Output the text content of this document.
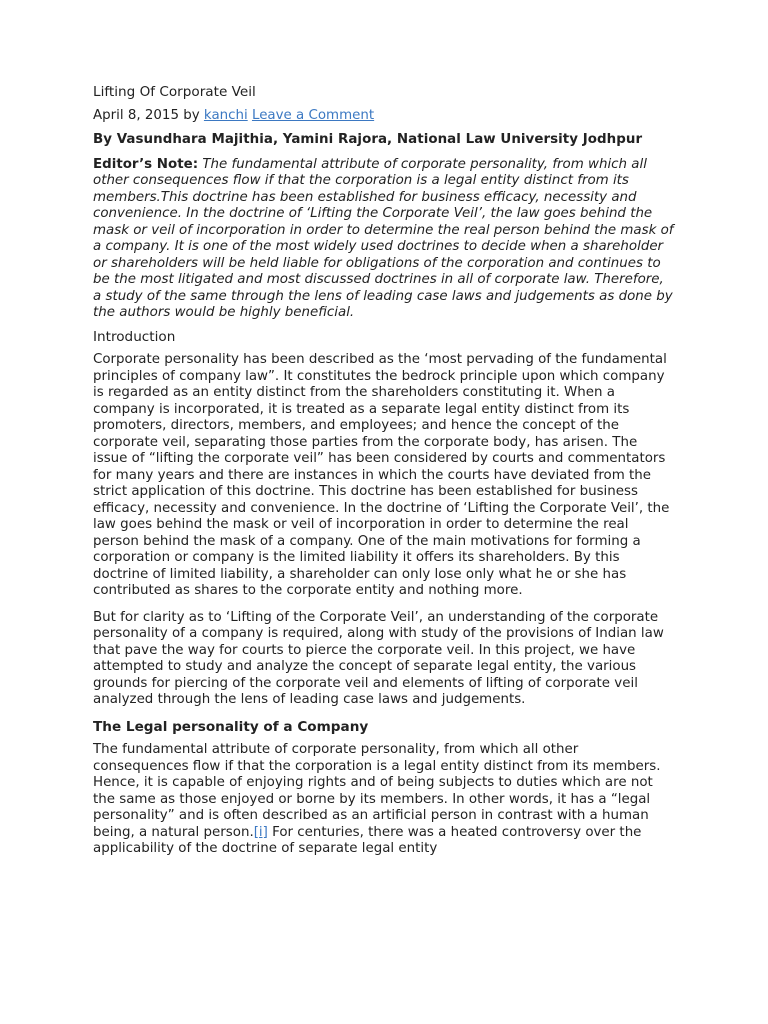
Lifting Of Corporate Veil
April 8, 2015 by kanchi Leave a Comment
By Vasundhara Majithia, Yamini Rajora, National Law University Jodhpur
Editor’s Note: The fundamental attribute of corporate personality, from which all other consequences flow if that the corporation is a legal entity distinct from its members.This doctrine has been established for business efficacy, necessity and convenience. In the doctrine of ‘Lifting the Corporate Veil’, the law goes behind the mask or veil of incorporation in order to determine the real person behind the mask of a company. It is one of the most widely used doctrines to decide when a shareholder or shareholders will be held liable for obligations of the corporation and continues to be the most litigated and most discussed doctrines in all of corporate law. Therefore, a study of the same through the lens of leading case laws and judgements as done by the authors would be highly beneficial.
Introduction

Corporate personality has been described as the ‘most pervading of the fundamental principles of company law”. It constitutes the bedrock principle upon which company is regarded as an entity distinct from the shareholders constituting it. When a company is incorporated, it is treated as a separate legal entity distinct from its promoters, directors, members, and employees; and hence the concept of the corporate veil, separating those parties from the corporate body, has arisen. The issue of “lifting the corporate veil” has been considered by courts and commentators for many years and there are instances in which the courts have deviated from the strict application of this doctrine. This doctrine has been established for business efficacy, necessity and convenience. In the doctrine of ‘Lifting the Corporate Veil’, the law goes behind the mask or veil of incorporation in order to determine the real person behind the mask of a company. One of the main motivations for forming a corporation or company is the limited liability it offers its shareholders. By this doctrine of limited liability, a shareholder can only lose only what he or she has contributed as shares to the corporate entity and nothing more.

But for clarity as to ‘Lifting of the Corporate Veil’, an understanding of the corporate personality of a company is required, along with study of the provisions of Indian law that pave the way for courts to pierce the corporate veil. In this project, we have attempted to study and analyze the concept of separate legal entity, the various grounds for piercing of the corporate veil and elements of lifting of corporate veil analyzed through the lens of leading case laws and judgements.

The Legal personality of a Company

The fundamental attribute of corporate personality, from which all other consequences flow if that the corporation is a legal entity distinct from its members. Hence, it is capable of enjoying rights and of being subjects to duties which are not the same as those enjoyed or borne by its members. In other words, it has a “legal personality” and is often described as an artificial person in contrast with a human being, a natural person.[i] For centuries, there was a heated controversy over the applicability of the doctrine of separate legal entity
